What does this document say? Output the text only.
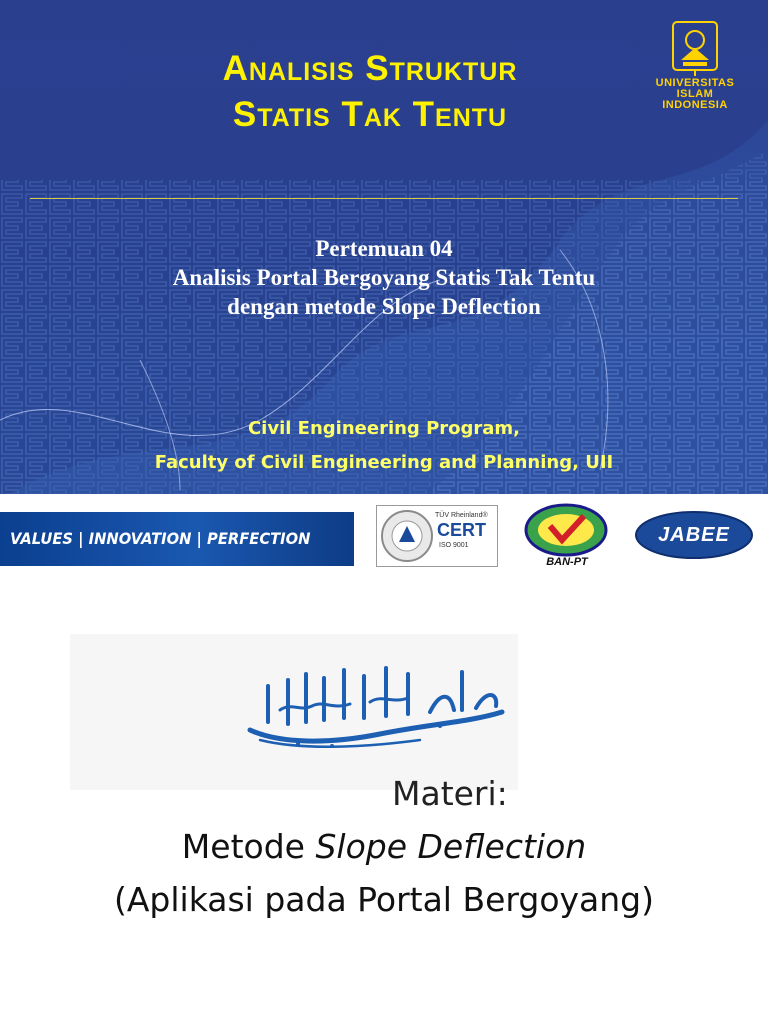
Analisis Struktur
Statis Tak Tentu
UNIVERSITAS
ISLAM
INDONESIA
Pertemuan 04
Analisis Portal Bergoyang Statis Tak Tentu
dengan metode Slope Deflection
Civil Engineering Program,
Faculty of Civil Engineering and Planning, UII
VALUES | INNOVATION | PERFECTION
TÜV Rheinland®
CERT
ISO 9001
BAN-PT
JABEE
Materi:
Metode Slope Deflection
(Aplikasi pada Portal Bergoyang)
